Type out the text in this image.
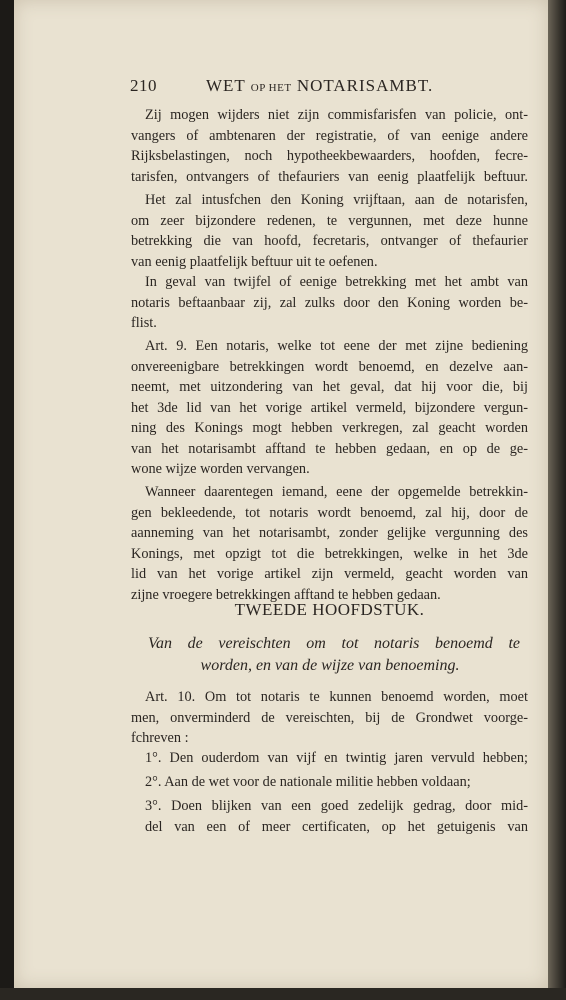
210	WET OP HET NOTARISAMBT.
Zij mogen wijders niet zijn commisfarisfen van policie, ont-
vangers of ambtenaren der registratie, of van eenige andere
Rijksbelastingen, noch hypotheekbewaarders, hoofden, fecre-
tarisfen, ontvangers of thefauriers van eenig plaatfelijk beftuur.
Het zal intusfchen den Koning vrijftaan, aan de notarisfen,
om zeer bijzondere redenen, te vergunnen, met deze hunne
betrekking die van hoofd, fecretaris, ontvanger of thefaurier
van eenig plaatfelijk beftuur uit te oefenen.
In geval van twijfel of eenige betrekking met het ambt van
notaris beftaanbaar zij, zal zulks door den Koning worden be-
flist.
Art. 9. Een notaris, welke tot eene der met zijne bediening
onvereenigbare betrekkingen wordt benoemd, en dezelve aan-
neemt, met uitzondering van het geval, dat hij voor die, bij
het 3de lid van het vorige artikel vermeld, bijzondere vergun-
ning des Konings mogt hebben verkregen, zal geacht worden
van het notarisambt afftand te hebben gedaan, en op de ge-
wone wijze worden vervangen.
Wanneer daarentegen iemand, eene der opgemelde betrekkin-
gen bekleedende, tot notaris wordt benoemd, zal hij, door de
aanneming van het notarisambt, zonder gelijke vergunning des
Konings, met opzigt tot die betrekkingen, welke in het 3de
lid van het vorige artikel zijn vermeld, geacht worden van
zijne vroegere betrekkingen afftand te hebben gedaan.
TWEEDE HOOFDSTUK.
Van de vereischten om tot notaris benoemd te
worden, en van de wijze van benoeming.
Art. 10. Om tot notaris te kunnen benoemd worden, moet
men, onverminderd de vereischten, bij de Grondwet voorge-
fchreven :
1°. Den ouderdom van vijf en twintig jaren vervuld hebben;
2°. Aan de wet voor de nationale militie hebben voldaan;
3°. Doen blijken van een goed zedelijk gedrag, door mid-
del van een of meer certificaten, op het getuigenis van
